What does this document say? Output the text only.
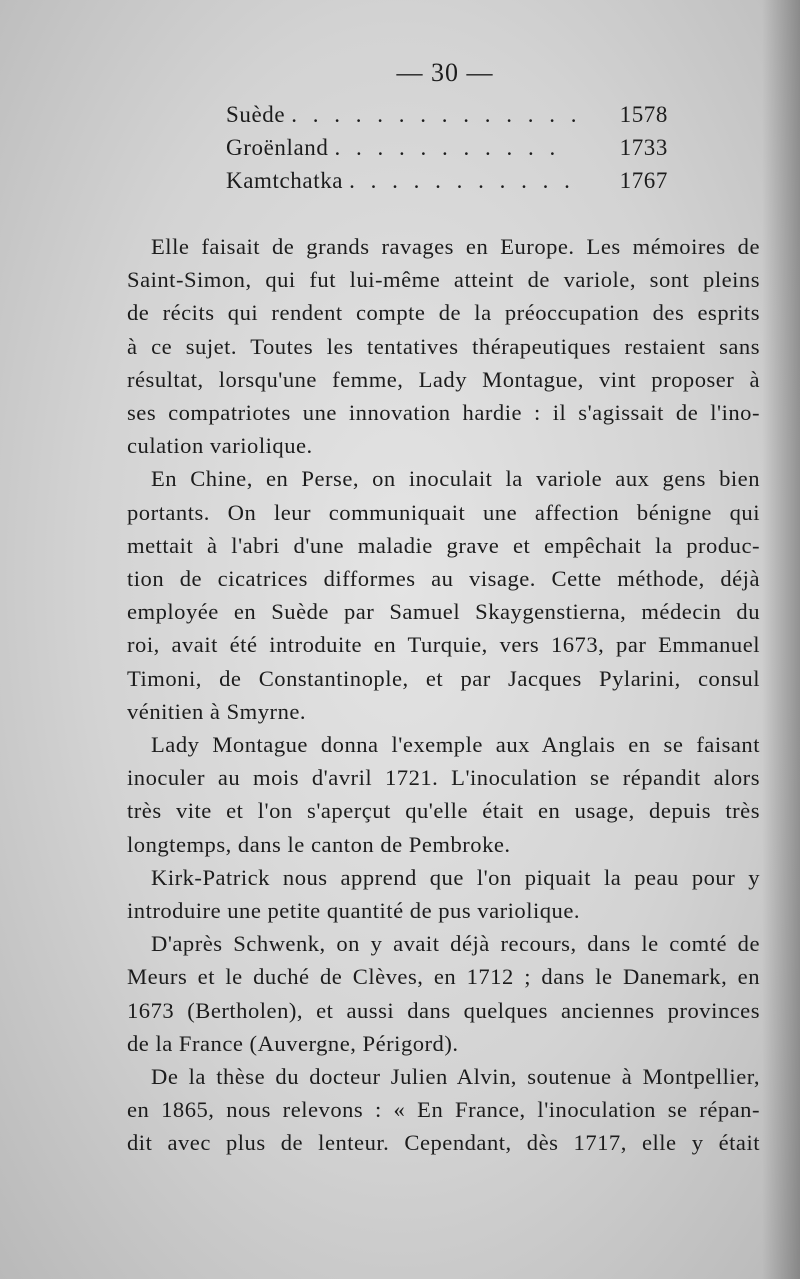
— 30 —
Suède . . . . . . . . . . . . . .	1578
Groënland . . . . . . . . . . .	1733
Kamtchatka . . . . . . . . . . .	1767
Elle faisait de grands ravages en Europe. Les mémoires de
Saint-Simon, qui fut lui-même atteint de variole, sont pleins
de récits qui rendent compte de la préoccupation des esprits
à ce sujet. Toutes les tentatives thérapeutiques restaient sans
résultat, lorsqu'une femme, Lady Montague, vint proposer à
ses compatriotes une innovation hardie : il s'agissait de l'ino-
culation variolique.
En Chine, en Perse, on inoculait la variole aux gens bien
portants. On leur communiquait une affection bénigne qui
mettait à l'abri d'une maladie grave et empêchait la produc-
tion de cicatrices difformes au visage. Cette méthode, déjà
employée en Suède par Samuel Skaygenstierna, médecin du
roi, avait été introduite en Turquie, vers 1673, par Emmanuel
Timoni, de Constantinople, et par Jacques Pylarini, consul
vénitien à Smyrne.
Lady Montague donna l'exemple aux Anglais en se faisant
inoculer au mois d'avril 1721. L'inoculation se répandit alors
très vite et l'on s'aperçut qu'elle était en usage, depuis très
longtemps, dans le canton de Pembroke.
Kirk-Patrick nous apprend que l'on piquait la peau pour y
introduire une petite quantité de pus variolique.
D'après Schwenk, on y avait déjà recours, dans le comté de
Meurs et le duché de Clèves, en 1712 ; dans le Danemark, en
1673 (Bertholen), et aussi dans quelques anciennes provinces
de la France (Auvergne, Périgord).
De la thèse du docteur Julien Alvin, soutenue à Montpellier,
en 1865, nous relevons : « En France, l'inoculation se répan-
dit avec plus de lenteur. Cependant, dès 1717, elle y était
